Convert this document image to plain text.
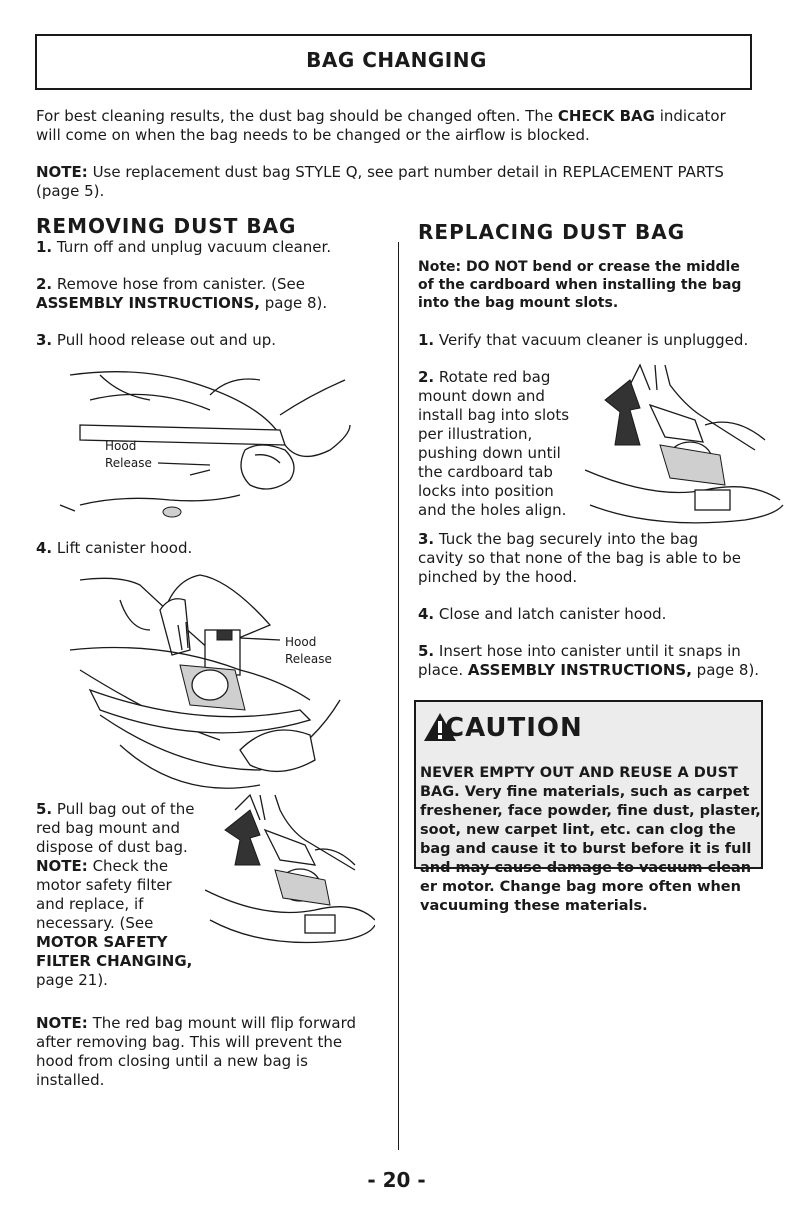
BAG CHANGING
For best cleaning results, the dust bag should be changed often. The CHECK BAG indicator
will come on when the bag needs to be changed or the airflow is blocked.
NOTE: Use replacement dust bag STYLE Q, see part number detail in REPLACEMENT PARTS
(page 5).
REMOVING DUST BAG
1. Turn off and unplug vacuum cleaner.
2. Remove hose from canister. (See
ASSEMBLY INSTRUCTIONS, page 8).
3. Pull hood release out and up.
Hood
Release
4. Lift canister hood.
Hood
Release
5. Pull bag out of the
red bag mount and
dispose of dust bag.
NOTE: Check the
motor safety filter
and replace, if
necessary. (See
MOTOR SAFETY
FILTER CHANGING,
page 21).
NOTE: The red bag mount will flip forward
after removing bag. This will prevent the
hood from closing until a new bag is
installed.
REPLACING DUST BAG
Note: DO NOT bend or crease the middle
of the cardboard when installing the bag
into the bag mount slots.
1. Verify that vacuum cleaner is unplugged.
2. Rotate red bag
mount down and
install bag into slots
per illustration,
pushing down until
the cardboard tab
locks into position
and the holes align.
3. Tuck the bag securely into the bag
cavity so that none of the bag is able to be
pinched by the hood.
4. Close and latch canister hood.
5. Insert hose into canister until it snaps in
place. ASSEMBLY INSTRUCTIONS, page 8).
CAUTION
NEVER EMPTY OUT AND REUSE A DUST
BAG. Very fine materials, such as carpet
freshener, face powder, fine dust, plaster,
soot, new carpet lint, etc. can clog the
bag and cause it to burst before it is full
and may cause damage to vacuum clean-
er motor. Change bag more often when
vacuuming these materials.
- 20 -
